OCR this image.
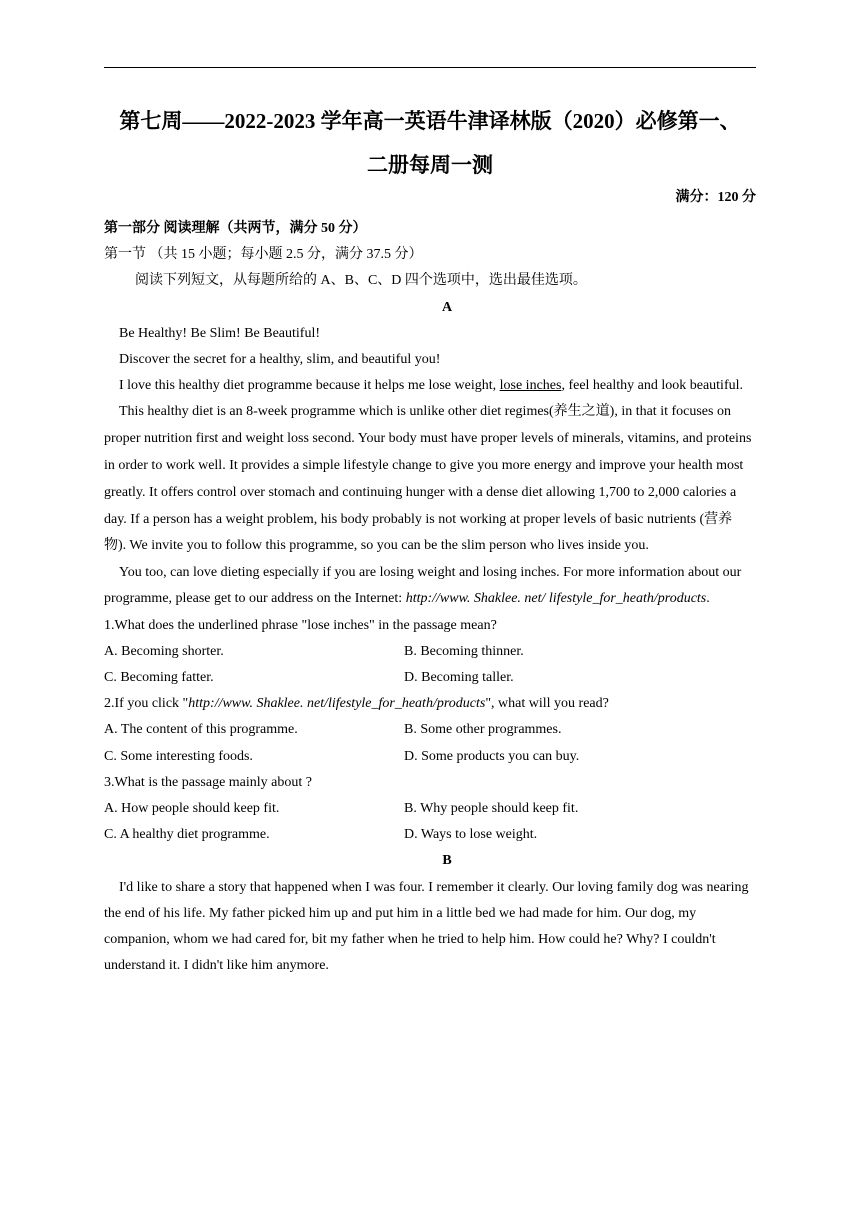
第七周——2022-2023 学年高一英语牛津译林版（2020）必修第一、
二册每周一测
满分：120 分
第一部分 阅读理解（共两节，满分 50 分）
第一节 （共 15 小题；每小题 2.5 分，满分 37.5 分）
阅读下列短文，从每题所给的 A、B、C、D 四个选项中，选出最佳选项。
A
Be Healthy! Be Slim! Be Beautiful!
Discover the secret for a healthy, slim, and beautiful you!
I love this healthy diet programme because it helps me lose weight, lose inches, feel healthy and look beautiful.
This healthy diet is an 8-week programme which is unlike other diet regimes(养生之道), in that it focuses on proper nutrition first and weight loss second. Your body must have proper levels of minerals, vitamins, and proteins in order to work well. It provides a simple lifestyle change to give you more energy and improve your health most greatly. It offers control over stomach and continuing hunger with a dense diet allowing 1,700 to 2,000 calories a day. If a person has a weight problem, his body probably is not working at proper levels of basic nutrients (营养物). We invite you to follow this programme, so you can be the slim person who lives inside you.
You too, can love dieting especially if you are losing weight and losing inches. For more information about our programme, please get to our address on the Internet: http://www. Shaklee. net/ lifestyle_for_heath/products.
1.What does the underlined phrase "lose inches" in the passage mean?
A. Becoming shorter.	B. Becoming thinner.
C. Becoming fatter.	D. Becoming taller.
2.If you click "http://www. Shaklee. net/lifestyle_for_heath/products", what will you read?
A. The content of this programme.	B. Some other programmes.
C. Some interesting foods.	D. Some products you can buy.
3.What is the passage mainly about ?
A. How people should keep fit.	B. Why people should keep fit.
C. A healthy diet programme.	D. Ways to lose weight.
B
I'd like to share a story that happened when I was four. I remember it clearly. Our loving family dog was nearing the end of his life. My father picked him up and put him in a little bed we had made for him. Our dog, my companion, whom we had cared for, bit my father when he tried to help him. How could he? Why? I couldn't understand it. I didn't like him anymore.
